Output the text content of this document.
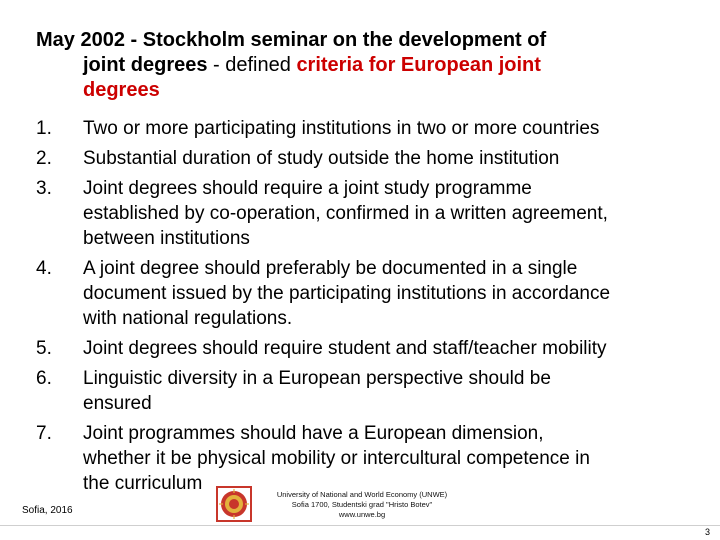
May 2002 - Stockholm seminar on the development of
joint degrees - defined criteria for European joint
degrees
1.	Two or more participating institutions in two or more countries
2.	Substantial duration of study outside the home institution
3.	Joint degrees should require a joint study programme
established by co-operation, confirmed in a written agreement,
between institutions
4.	A joint degree should preferably be documented in a single
document issued by the participating institutions in accordance
with national regulations.
5.	Joint degrees should require student and staff/teacher mobility
6.	Linguistic diversity in a European perspective should be
ensured
7.	Joint programmes should have a European dimension,
whether it be physical mobility or intercultural competence in
the curriculum
Sofia, 2016
University of National and World Economy (UNWE)
Sofia 1700, Studentski grad "Hristo Botev"
www.unwe.bg
3
